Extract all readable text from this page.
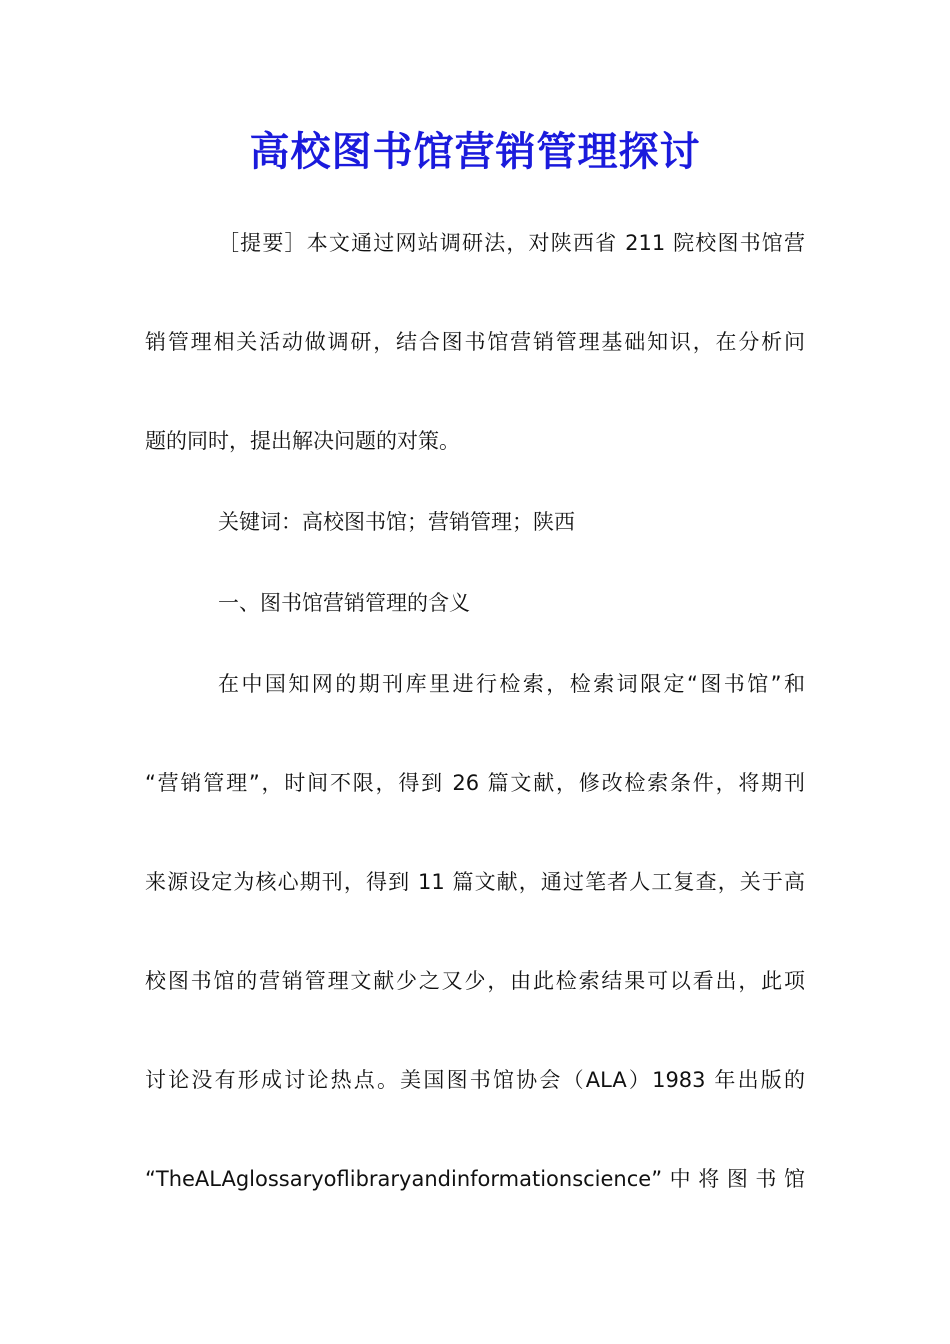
高校图书馆营销管理探讨
［提要］本文通过网站调研法，对陕西省 211 院校图书馆营
销管理相关活动做调研，结合图书馆营销管理基础知识，在分析问
题的同时，提出解决问题的对策。
关键词：高校图书馆；营销管理；陕西
一、图书馆营销管理的含义
在中国知网的期刊库里进行检索，检索词限定“图书馆”和
“营销管理”，时间不限，得到 26 篇文献，修改检索条件，将期刊
来源设定为核心期刊，得到 11 篇文献，通过笔者人工复查，关于高
校图书馆的营销管理文献少之又少，由此检索结果可以看出，此项
讨论没有形成讨论热点。美国图书馆协会（ALA）1983 年出版的
“TheALAglossaryoflibraryandinformationscience”中将图书馆
